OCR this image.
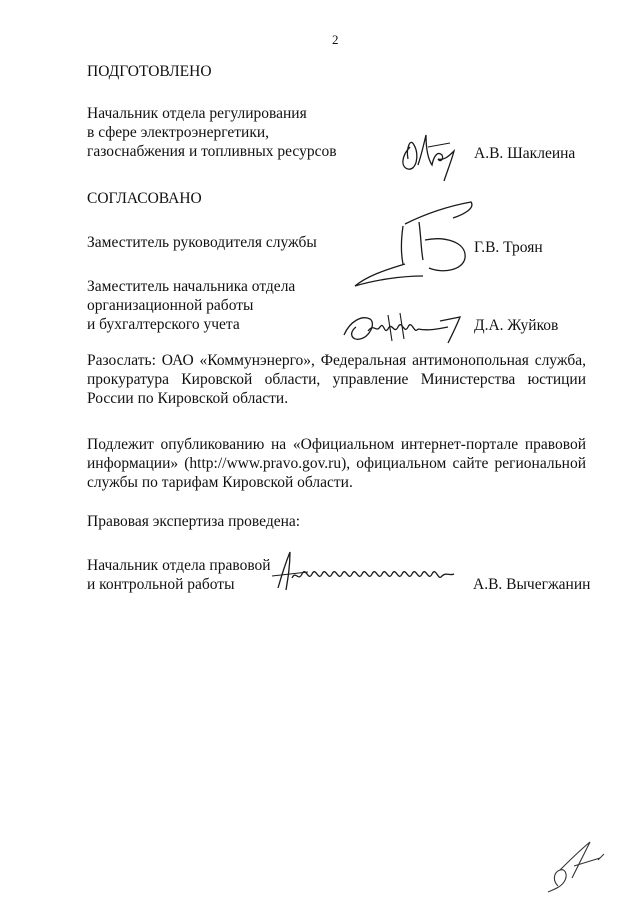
2
ПОДГОТОВЛЕНО
Начальник отдела регулирования
в сфере электроэнергетики,
газоснабжения и топливных ресурсов	А.В. Шаклеина
СОГЛАСОВАНО
Заместитель руководителя службы	Г.В. Троян
Заместитель начальника отдела
организационной работы
и бухгалтерского учета	Д.А. Жуйков

Разослать: ОАО «Коммунэнерго», Федеральная антимонопольная служба, прокуратура Кировской области, управление Министерства юстиции России по Кировской области.

Подлежит опубликованию на «Официальном интернет-портале правовой информации» (http://www.pravo.gov.ru), официальном сайте региональной службы по тарифам Кировской области.

Правовая экспертиза проведена:
Начальник отдела правовой
и контрольной работы	А.В. Вычегжанин
